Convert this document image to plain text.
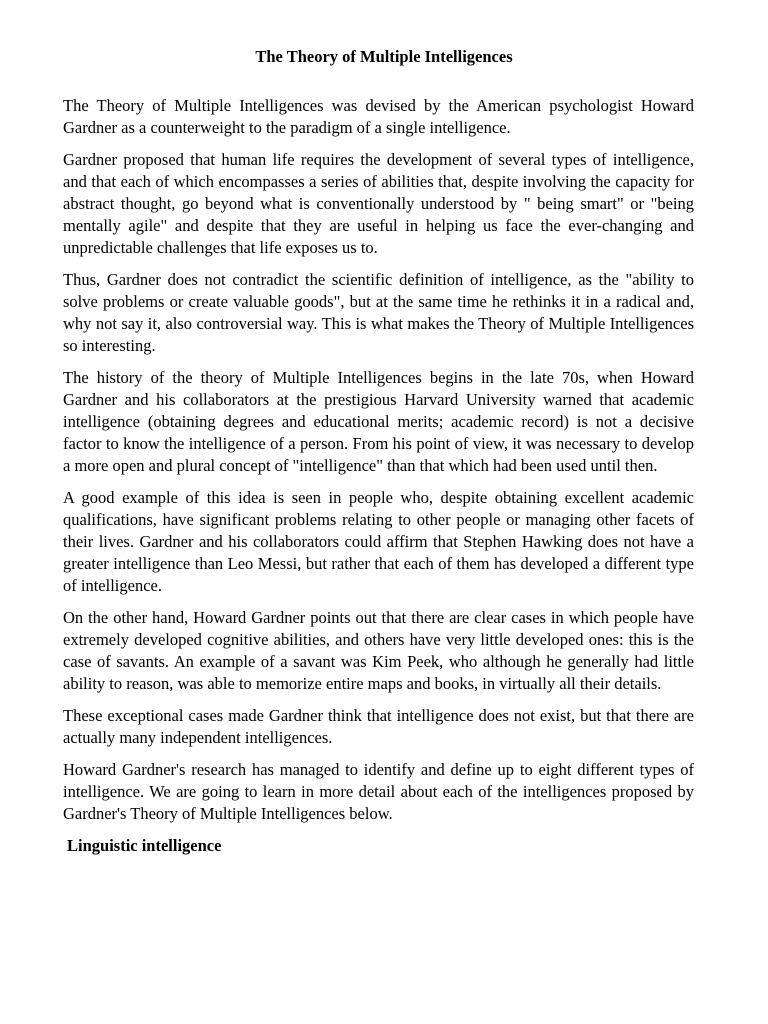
The Theory of Multiple Intelligences

The Theory of Multiple Intelligences was devised by the American psychologist Howard Gardner as a counterweight to the paradigm of a single intelligence.

Gardner proposed that human life requires the development of several types of intelligence, and that each of which encompasses a series of abilities that, despite involving the capacity for abstract thought, go beyond what is conventionally understood by " being smart" or "being mentally agile" and despite that they are useful in helping us face the ever-changing and unpredictable challenges that life exposes us to.

Thus, Gardner does not contradict the scientific definition of intelligence, as the "ability to solve problems or create valuable goods", but at the same time he rethinks it in a radical and, why not say it, also controversial way. This is what makes the Theory of Multiple Intelligences so interesting.

The history of the theory of Multiple Intelligences begins in the late 70s, when Howard Gardner and his collaborators at the prestigious Harvard University warned that academic intelligence (obtaining degrees and educational merits; academic record) is not a decisive factor to know the intelligence of a person. From his point of view, it was necessary to develop a more open and plural concept of "intelligence" than that which had been used until then.

A good example of this idea is seen in people who, despite obtaining excellent academic qualifications, have significant problems relating to other people or managing other facets of their lives. Gardner and his collaborators could affirm that Stephen Hawking does not have a greater intelligence than Leo Messi, but rather that each of them has developed a different type of intelligence.

On the other hand, Howard Gardner points out that there are clear cases in which people have extremely developed cognitive abilities, and others have very little developed ones: this is the case of savants. An example of a savant was Kim Peek, who although he generally had little ability to reason, was able to memorize entire maps and books, in virtually all their details.

These exceptional cases made Gardner think that intelligence does not exist, but that there are actually many independent intelligences.

Howard Gardner's research has managed to identify and define up to eight different types of intelligence. We are going to learn in more detail about each of the intelligences proposed by Gardner's Theory of Multiple Intelligences below.

Linguistic intelligence
